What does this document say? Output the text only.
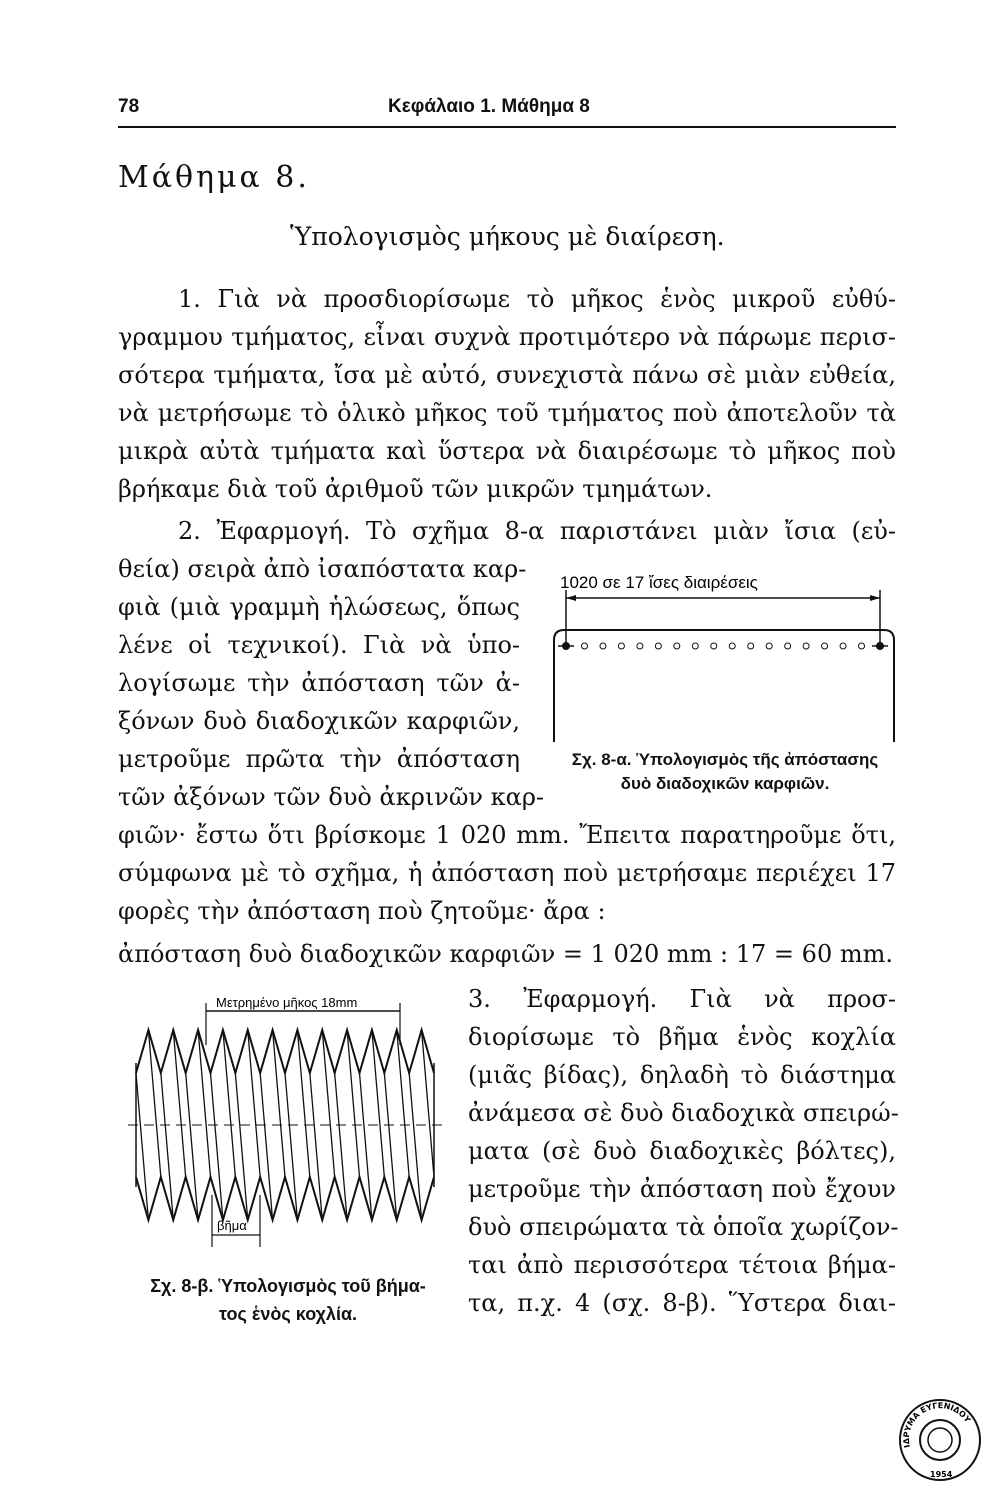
78	Κεφάλαιο 1. Μάθημα 8
Μάθημα 8.
Ὑπολογισμὸς μήκους μὲ διαίρεση.
1. Γιὰ νὰ προσδιορίσωμε τὸ μῆκος ἑνὸς μικροῦ εὐθύ-
γραμμου τμήματος, εἶναι συχνὰ προτιμότερο νὰ πάρωμε περισ-
σότερα τμήματα, ἴσα μὲ αὐτό, συνεχιστὰ πάνω σὲ μιὰν εὐθεία,
νὰ μετρήσωμε τὸ ὁλικὸ μῆκος τοῦ τμήματος ποὺ ἀποτελοῦν τὰ
μικρὰ αὐτὰ τμήματα καὶ ὕστερα νὰ διαιρέσωμε τὸ μῆκος ποὺ
βρήκαμε διὰ τοῦ ἀριθμοῦ τῶν μικρῶν τμημάτων.
2. Ἐφαρμογή. Τὸ σχῆμα 8-α παριστάνει μιὰν ἴσια (εὐ-
θεία) σειρὰ ἀπὸ ἰσαπόστατα καρ-
φιὰ (μιὰ γραμμὴ ἡλώσεως, ὅπως
λένε οἱ τεχνικοί). Γιὰ νὰ ὑπο-
λογίσωμε τὴν ἀπόσταση τῶν ἀ-
ξόνων δυὸ διαδοχικῶν καρφιῶν,
μετροῦμε πρῶτα τὴν ἀπόσταση
τῶν ἀξόνων τῶν δυὸ ἀκρινῶν καρ-
φιῶν· ἔστω ὅτι βρίσκομε 1 020 mm. Ἔπειτα παρατηροῦμε ὅτι,
σύμφωνα μὲ τὸ σχῆμα, ἡ ἀπόσταση ποὺ μετρήσαμε περιέχει 17
φορὲς τὴν ἀπόσταση ποὺ ζητοῦμε· ἄρα :
ἀπόσταση δυὸ διαδοχικῶν καρφιῶν = 1 020 mm : 17 = 60 mm.
1020 σε 17 ἴσες διαιρέσεις
Σχ. 8-α. Ὑπολογισμὸς τῆς ἀπόστασης
δυὸ διαδοχικῶν καρφιῶν.
3. Ἐφαρμογή. Γιὰ νὰ προσ-
διορίσωμε τὸ βῆμα ἑνὸς κοχλία
(μιᾶς βίδας), δηλαδὴ τὸ διάστημα
ἀνάμεσα σὲ δυὸ διαδοχικὰ σπειρώ-
ματα (σὲ δυὸ διαδοχικὲς βόλτες),
μετροῦμε τὴν ἀπόσταση ποὺ ἔχουν
δυὸ σπειρώματα τὰ ὁποῖα χωρίζον-
ται ἀπὸ περισσότερα τέτοια βήμα-
τα, π.χ. 4 (σχ. 8-β). Ὕστερα διαι-
Μετρημένο μῆκος 18mm
βῆμα
Σχ. 8-β. Ὑπολογισμὸς τοῦ βήμα-
τος ἑνὸς κοχλία.
ΙΔΡΥΜΑ ΕΥΓΕΝΙΔΟΥ
1954
